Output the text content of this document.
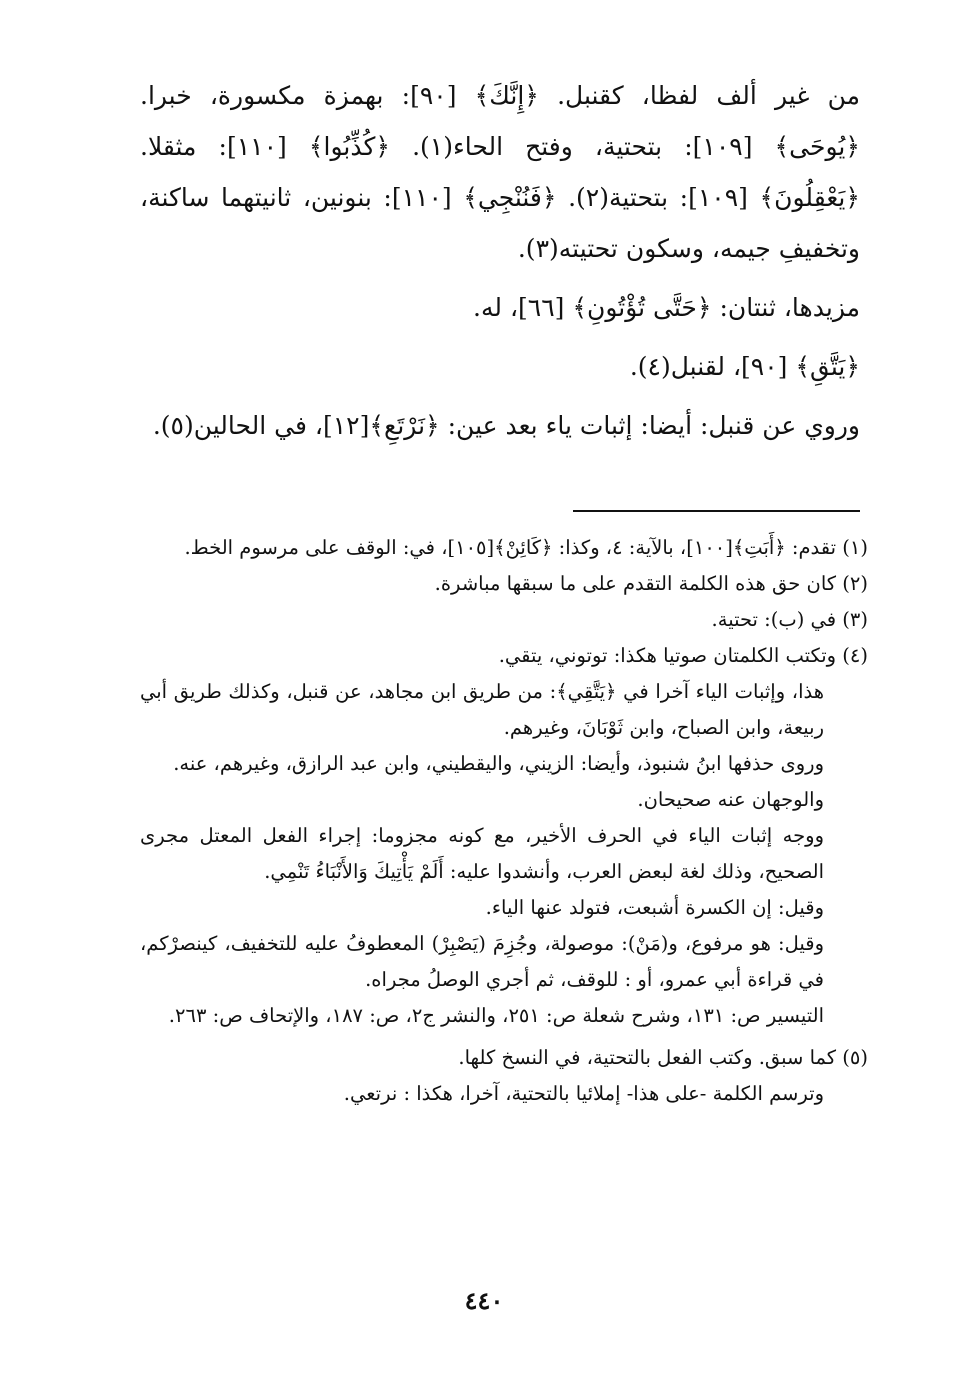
من غير ألف لفظا، كقنبل. ﴿إِنَّكَ﴾ [٩٠]: بهمزة مكسورة، خبرا. ﴿يُوحَى﴾ [١٠٩]: بتحتية، وفتح الحاء(١). ﴿كُذِّبُوا﴾ [١١٠]: مثقلا. ﴿يَعْقِلُونَ﴾ [١٠٩]: بتحتية(٢). ﴿فَنُنْجِي﴾ [١١٠]: بنونين، ثانيتهما ساكنة، وتخفيفِ جيمه، وسكون تحتيته(٣).

مزيدها، ثنتان: ﴿حَتَّى تُؤْتُونِ﴾ [٦٦]، له.

﴿يَتَّقِ﴾ [٩٠]، لقنبل(٤).

وروي عن قنبل: أيضا: إثبات ياء بعد عين: ﴿نَرْتَعِ﴾[١٢]، في الحالين(٥).

(١) تقدم: ﴿أَبَتِ﴾[١٠٠]، بالآية: ٤، وكذا: ﴿كَائِنْ﴾[١٠٥]، في: الوقف على مرسوم الخط.

(٢) كان حق هذه الكلمة التقدم على ما سبقها مباشرة.

(٣) في (ب): تحتية.

(٤) وتكتب الكلمتان صوتيا هكذا: توتوني، يتقي.

هذا، وإثبات الياء آخرا في ﴿يَتَّقِي﴾: من طريق ابن مجاهد، عن قنبل، وكذلك طريق أبي ربيعة، وابن الصباح، وابن ثَوْبَانَ، وغيرهم.

وروى حذفها ابنُ شنبوذ، وأيضا: الزيني، واليقطيني، وابن عبد الرازق، وغيرهم، عنه.

والوجهان عنه صحيحان.

ووجه إثبات الياء في الحرف الأخير، مع كونه مجزوما: إجراء الفعل المعتل مجرى الصحيح، وذلك لغة لبعض العرب، وأنشدوا عليه: أَلَمْ يَأْتِيكَ وَالأَنْبَاءُ تَنْمِي.

وقيل: إن الكسرة أشبعت، فتولد عنها الياء.

وقيل: هو مرفوع، و(مَنْ): موصولة، وجُزِمَ (يَصْبِرْ) المعطوفُ عليه للتخفيف، كينصرْكم، في قراءة أبي عمرو، أو : للوقف، ثم أجري الوصلُ مجراه.

التيسير ص: ١٣١، وشرح شعلة ص: ٢٥١، والنشر ج٢، ص: ١٨٧، والإتحاف ص: ٢٦٣.

(٥) كما سبق. وكتب الفعل بالتحتية، في النسخ كلها.

وترسم الكلمة -على هذا- إملائيا بالتحتية، آخرا، هكذا : نرتعي.

٤٤٠
